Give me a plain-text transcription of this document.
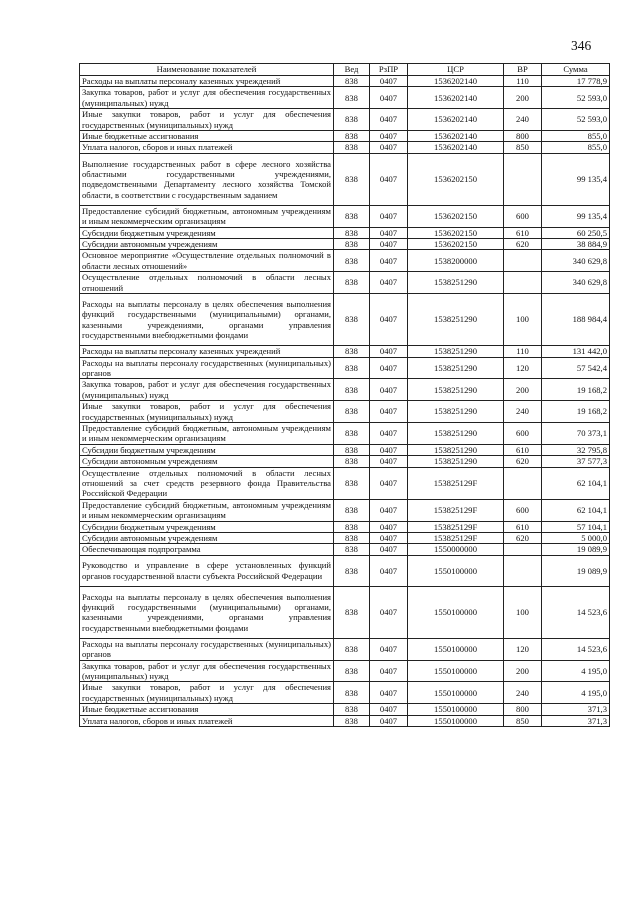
346
Наименование показателей	Вед	РзПР	ЦСР	ВР	Сумма
Расходы на выплаты персоналу казенных учреждений	838	0407	1536202140	110	17 778,9
Закупка товаров, работ и услуг для обеспечения государственных (муниципальных) нужд	838	0407	1536202140	200	52 593,0
Иные закупки товаров, работ и услуг для обеспечения государственных (муниципальных) нужд	838	0407	1536202140	240	52 593,0
Иные бюджетные ассигнования	838	0407	1536202140	800	855,0
Уплата налогов, сборов и иных платежей	838	0407	1536202140	850	855,0
Выполнение государственных работ в сфере лесного хозяйства областными государственными учреждениями, подведомственными Департаменту лесного хозяйства Томской области, в соответствии с государственным заданием	838	0407	1536202150		99 135,4
Предоставление субсидий бюджетным, автономным учреждениям и иным некоммерческим организациям	838	0407	1536202150	600	99 135,4
Субсидии бюджетным учреждениям	838	0407	1536202150	610	60 250,5
Субсидии автономным учреждениям	838	0407	1536202150	620	38 884,9
Основное мероприятие «Осуществление отдельных полномочий в области лесных отношений»	838	0407	1538200000		340 629,8
Осуществление отдельных полномочий в области лесных отношений	838	0407	1538251290		340 629,8
Расходы на выплаты персоналу в целях обеспечения выполнения функций государственными (муниципальными) органами, казенными учреждениями, органами управления государственными внебюджетными фондами	838	0407	1538251290	100	188 984,4
Расходы на выплаты персоналу казенных учреждений	838	0407	1538251290	110	131 442,0
Расходы на выплаты персоналу государственных (муниципальных) органов	838	0407	1538251290	120	57 542,4
Закупка товаров, работ и услуг для обеспечения государственных (муниципальных) нужд	838	0407	1538251290	200	19 168,2
Иные закупки товаров, работ и услуг для обеспечения государственных (муниципальных) нужд	838	0407	1538251290	240	19 168,2
Предоставление субсидий бюджетным, автономным учреждениям и иным некоммерческим организациям	838	0407	1538251290	600	70 373,1
Субсидии бюджетным учреждениям	838	0407	1538251290	610	32 795,8
Субсидии автономным учреждениям	838	0407	1538251290	620	37 577,3
Осуществление отдельных полномочий в области лесных отношений за счет средств резервного фонда Правительства Российской Федерации	838	0407	153825129F		62 104,1
Предоставление субсидий бюджетным, автономным учреждениям и иным некоммерческим организациям	838	0407	153825129F	600	62 104,1
Субсидии бюджетным учреждениям	838	0407	153825129F	610	57 104,1
Субсидии автономным учреждениям	838	0407	153825129F	620	5 000,0
Обеспечивающая подпрограмма	838	0407	1550000000		19 089,9
Руководство и управление в сфере установленных функций органов государственной власти субъекта Российской Федерации	838	0407	1550100000		19 089,9
Расходы на выплаты персоналу в целях обеспечения выполнения функций государственными (муниципальными) органами, казенными учреждениями, органами управления государственными внебюджетными фондами	838	0407	1550100000	100	14 523,6
Расходы на выплаты персоналу государственных (муниципальных) органов	838	0407	1550100000	120	14 523,6
Закупка товаров, работ и услуг для обеспечения государственных (муниципальных) нужд	838	0407	1550100000	200	4 195,0
Иные закупки товаров, работ и услуг для обеспечения государственных (муниципальных) нужд	838	0407	1550100000	240	4 195,0
Иные бюджетные ассигнования	838	0407	1550100000	800	371,3
Уплата налогов, сборов и иных платежей	838	0407	1550100000	850	371,3
